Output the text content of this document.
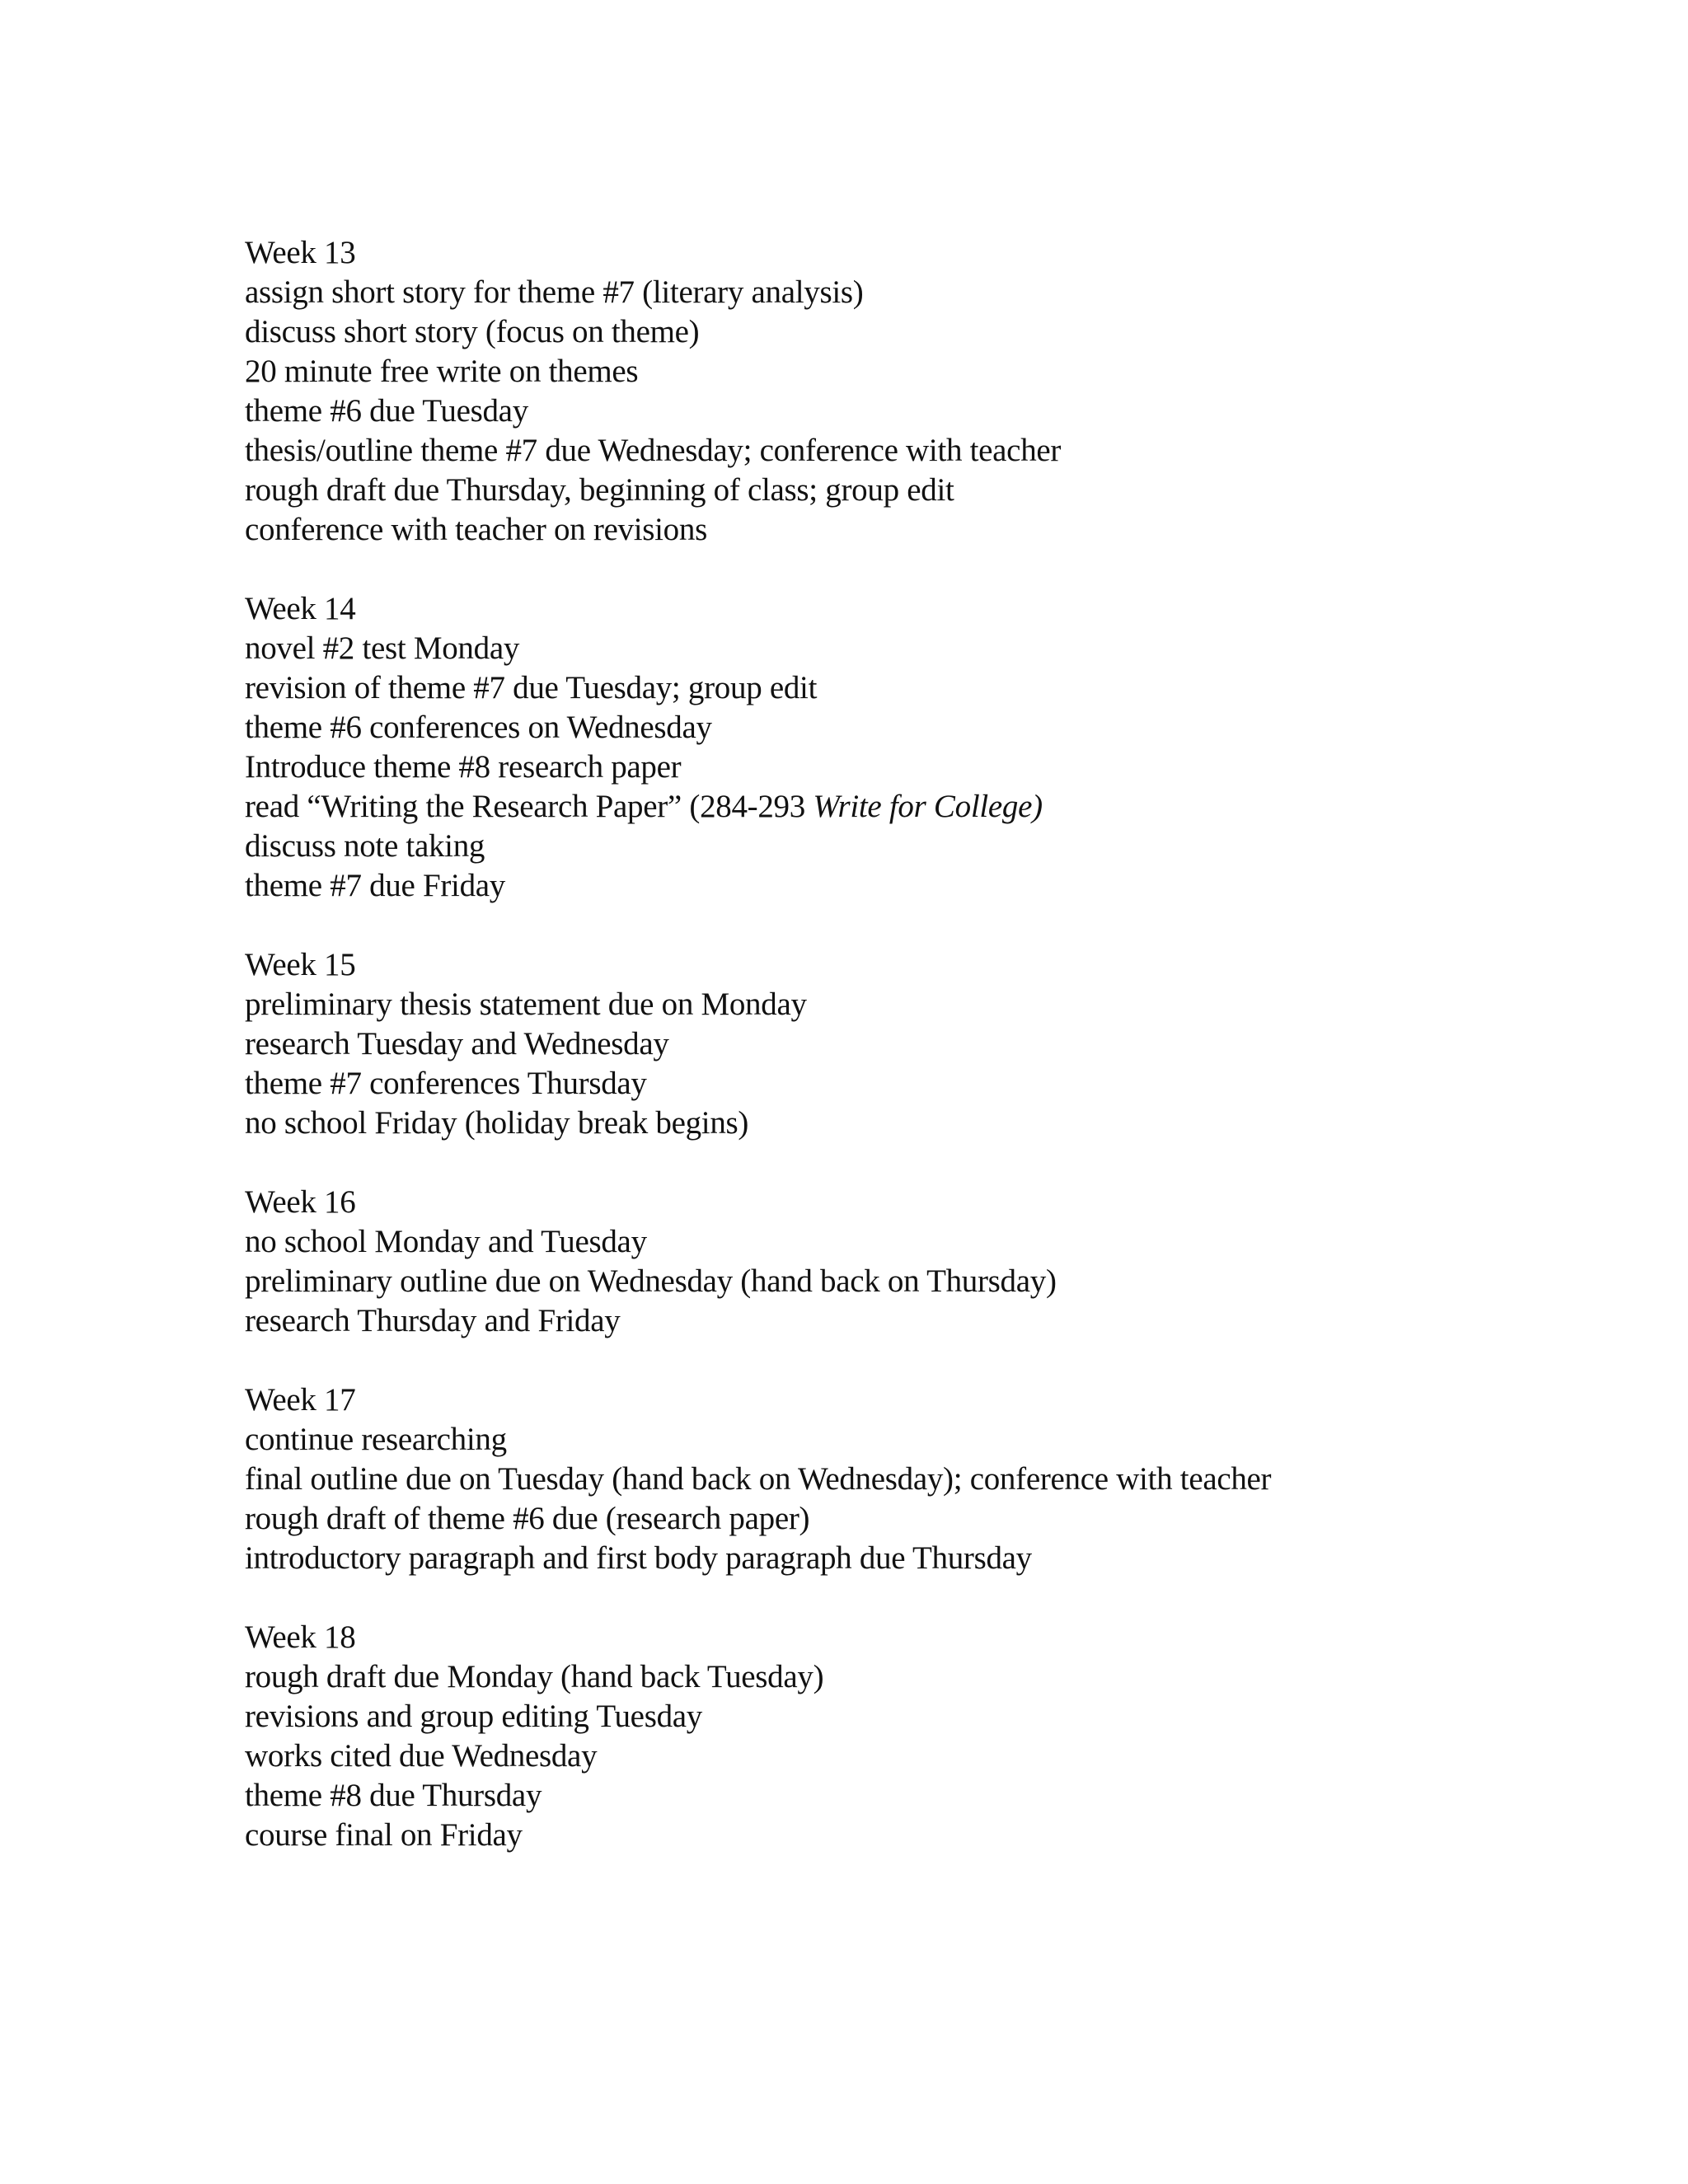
Week 13
assign short story for theme #7 (literary analysis)
discuss short story (focus on theme)
20 minute free write on themes
theme #6 due Tuesday
thesis/outline theme #7 due Wednesday; conference with teacher
rough draft due Thursday, beginning of class; group edit
conference with teacher on revisions
Week 14
novel #2 test Monday
revision of theme #7 due Tuesday; group edit
theme #6 conferences on Wednesday
Introduce theme #8 research paper
read “Writing the Research Paper” (284-293 Write for College)
discuss note taking
theme #7 due Friday
Week 15
preliminary thesis statement due on Monday
research Tuesday and Wednesday
theme #7 conferences Thursday
no school Friday (holiday break begins)
Week 16
no school Monday and Tuesday
preliminary outline due on Wednesday (hand back on Thursday)
research Thursday and Friday
Week 17
continue researching
final outline due on Tuesday (hand back on Wednesday); conference with teacher
rough draft of theme #6 due (research paper)
introductory paragraph and first body paragraph due Thursday
Week 18
rough draft due Monday (hand back Tuesday)
revisions and group editing Tuesday
works cited due Wednesday
theme #8 due Thursday
course final on Friday
